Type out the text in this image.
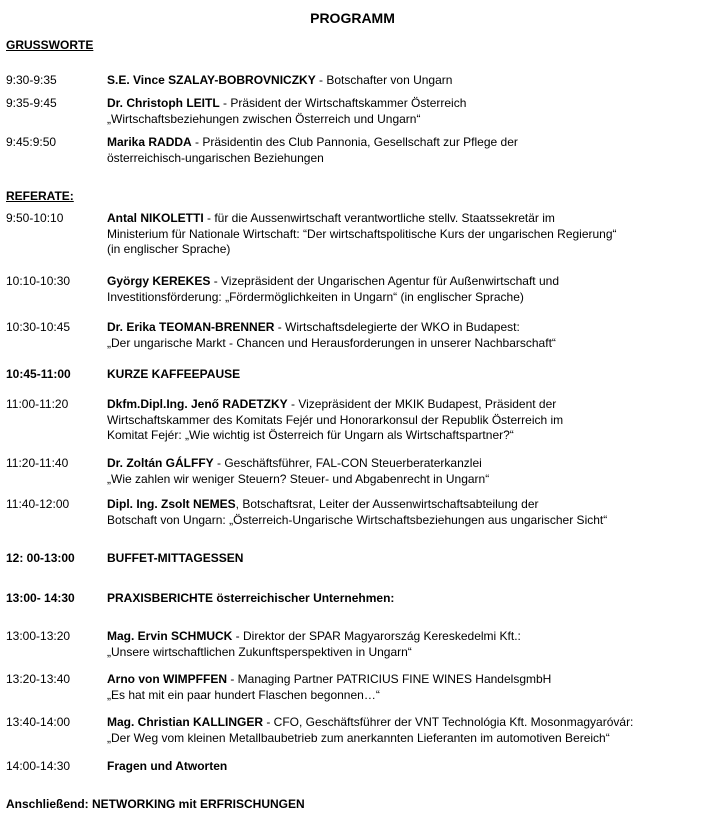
PROGRAMM
GRUSSWORTE
REFERATE:
9:30-9:35	S.E. Vince SZALAY-BOBROVNICZKY - Botschafter von Ungarn
9:35-9:45	Dr. Christoph LEITL - Präsident der Wirtschaftskammer Österreich
„Wirtschaftsbeziehungen zwischen Österreich und Ungarn“
9:45:9:50	Marika RADDA - Präsidentin des Club Pannonia, Gesellschaft zur Pflege der
österreichisch-ungarischen Beziehungen
9:50-10:10	Antal NIKOLETTI - für die Aussenwirtschaft verantwortliche stellv. Staatssekretär im
Ministerium für Nationale Wirtschaft: “Der wirtschaftspolitische Kurs der ungarischen Regierung“
(in englischer Sprache)
10:10-10:30	György KEREKES - Vizepräsident der Ungarischen Agentur für Außenwirtschaft und
Investitionsförderung: „Fördermöglichkeiten in Ungarn“ (in englischer Sprache)
10:30-10:45	Dr. Erika TEOMAN-BRENNER - Wirtschaftsdelegierte der WKO in Budapest:
„Der ungarische Markt - Chancen und Herausforderungen in unserer Nachbarschaft“
10:45-11:00	KURZE KAFFEEPAUSE
11:00-11:20	Dkfm.Dipl.Ing. Jenő RADETZKY - Vizepräsident der MKIK Budapest, Präsident der
Wirtschaftskammer des Komitats Fejér und Honorarkonsul der Republik Österreich im
Komitat Fejér: „Wie wichtig ist Österreich für Ungarn als Wirtschaftspartner?“
11:20-11:40	Dr. Zoltán GÁLFFY - Geschäftsführer, FAL-CON Steuerberaterkanzlei
„Wie zahlen wir weniger Steuern? Steuer- und Abgabenrecht in Ungarn“
11:40-12:00	Dipl. Ing. Zsolt NEMES, Botschaftsrat, Leiter der Aussenwirtschaftsabteilung der
Botschaft von Ungarn: „Österreich-Ungarische Wirtschaftsbeziehungen aus ungarischer Sicht“
12: 00-13:00	BUFFET-MITTAGESSEN
13:00- 14:30	PRAXISBERICHTE österreichischer Unternehmen:
13:00-13:20	Mag. Ervin SCHMUCK - Direktor der SPAR Magyarország Kereskedelmi Kft.:
„Unsere wirtschaftlichen Zukunftsperspektiven in Ungarn“
13:20-13:40	Arno von WIMPFFEN - Managing Partner PATRICIUS FINE WINES HandelsgmbH
„Es hat mit ein paar hundert Flaschen begonnen…“
13:40-14:00	Mag. Christian KALLINGER - CFO, Geschäftsführer der VNT Technológia Kft. Mosonmagyaróvár:
„Der Weg vom kleinen Metallbaubetrieb zum anerkannten Lieferanten im automotiven Bereich“
14:00-14:30	Fragen und Atworten
Anschließend: NETWORKING mit ERFRISCHUNGEN
